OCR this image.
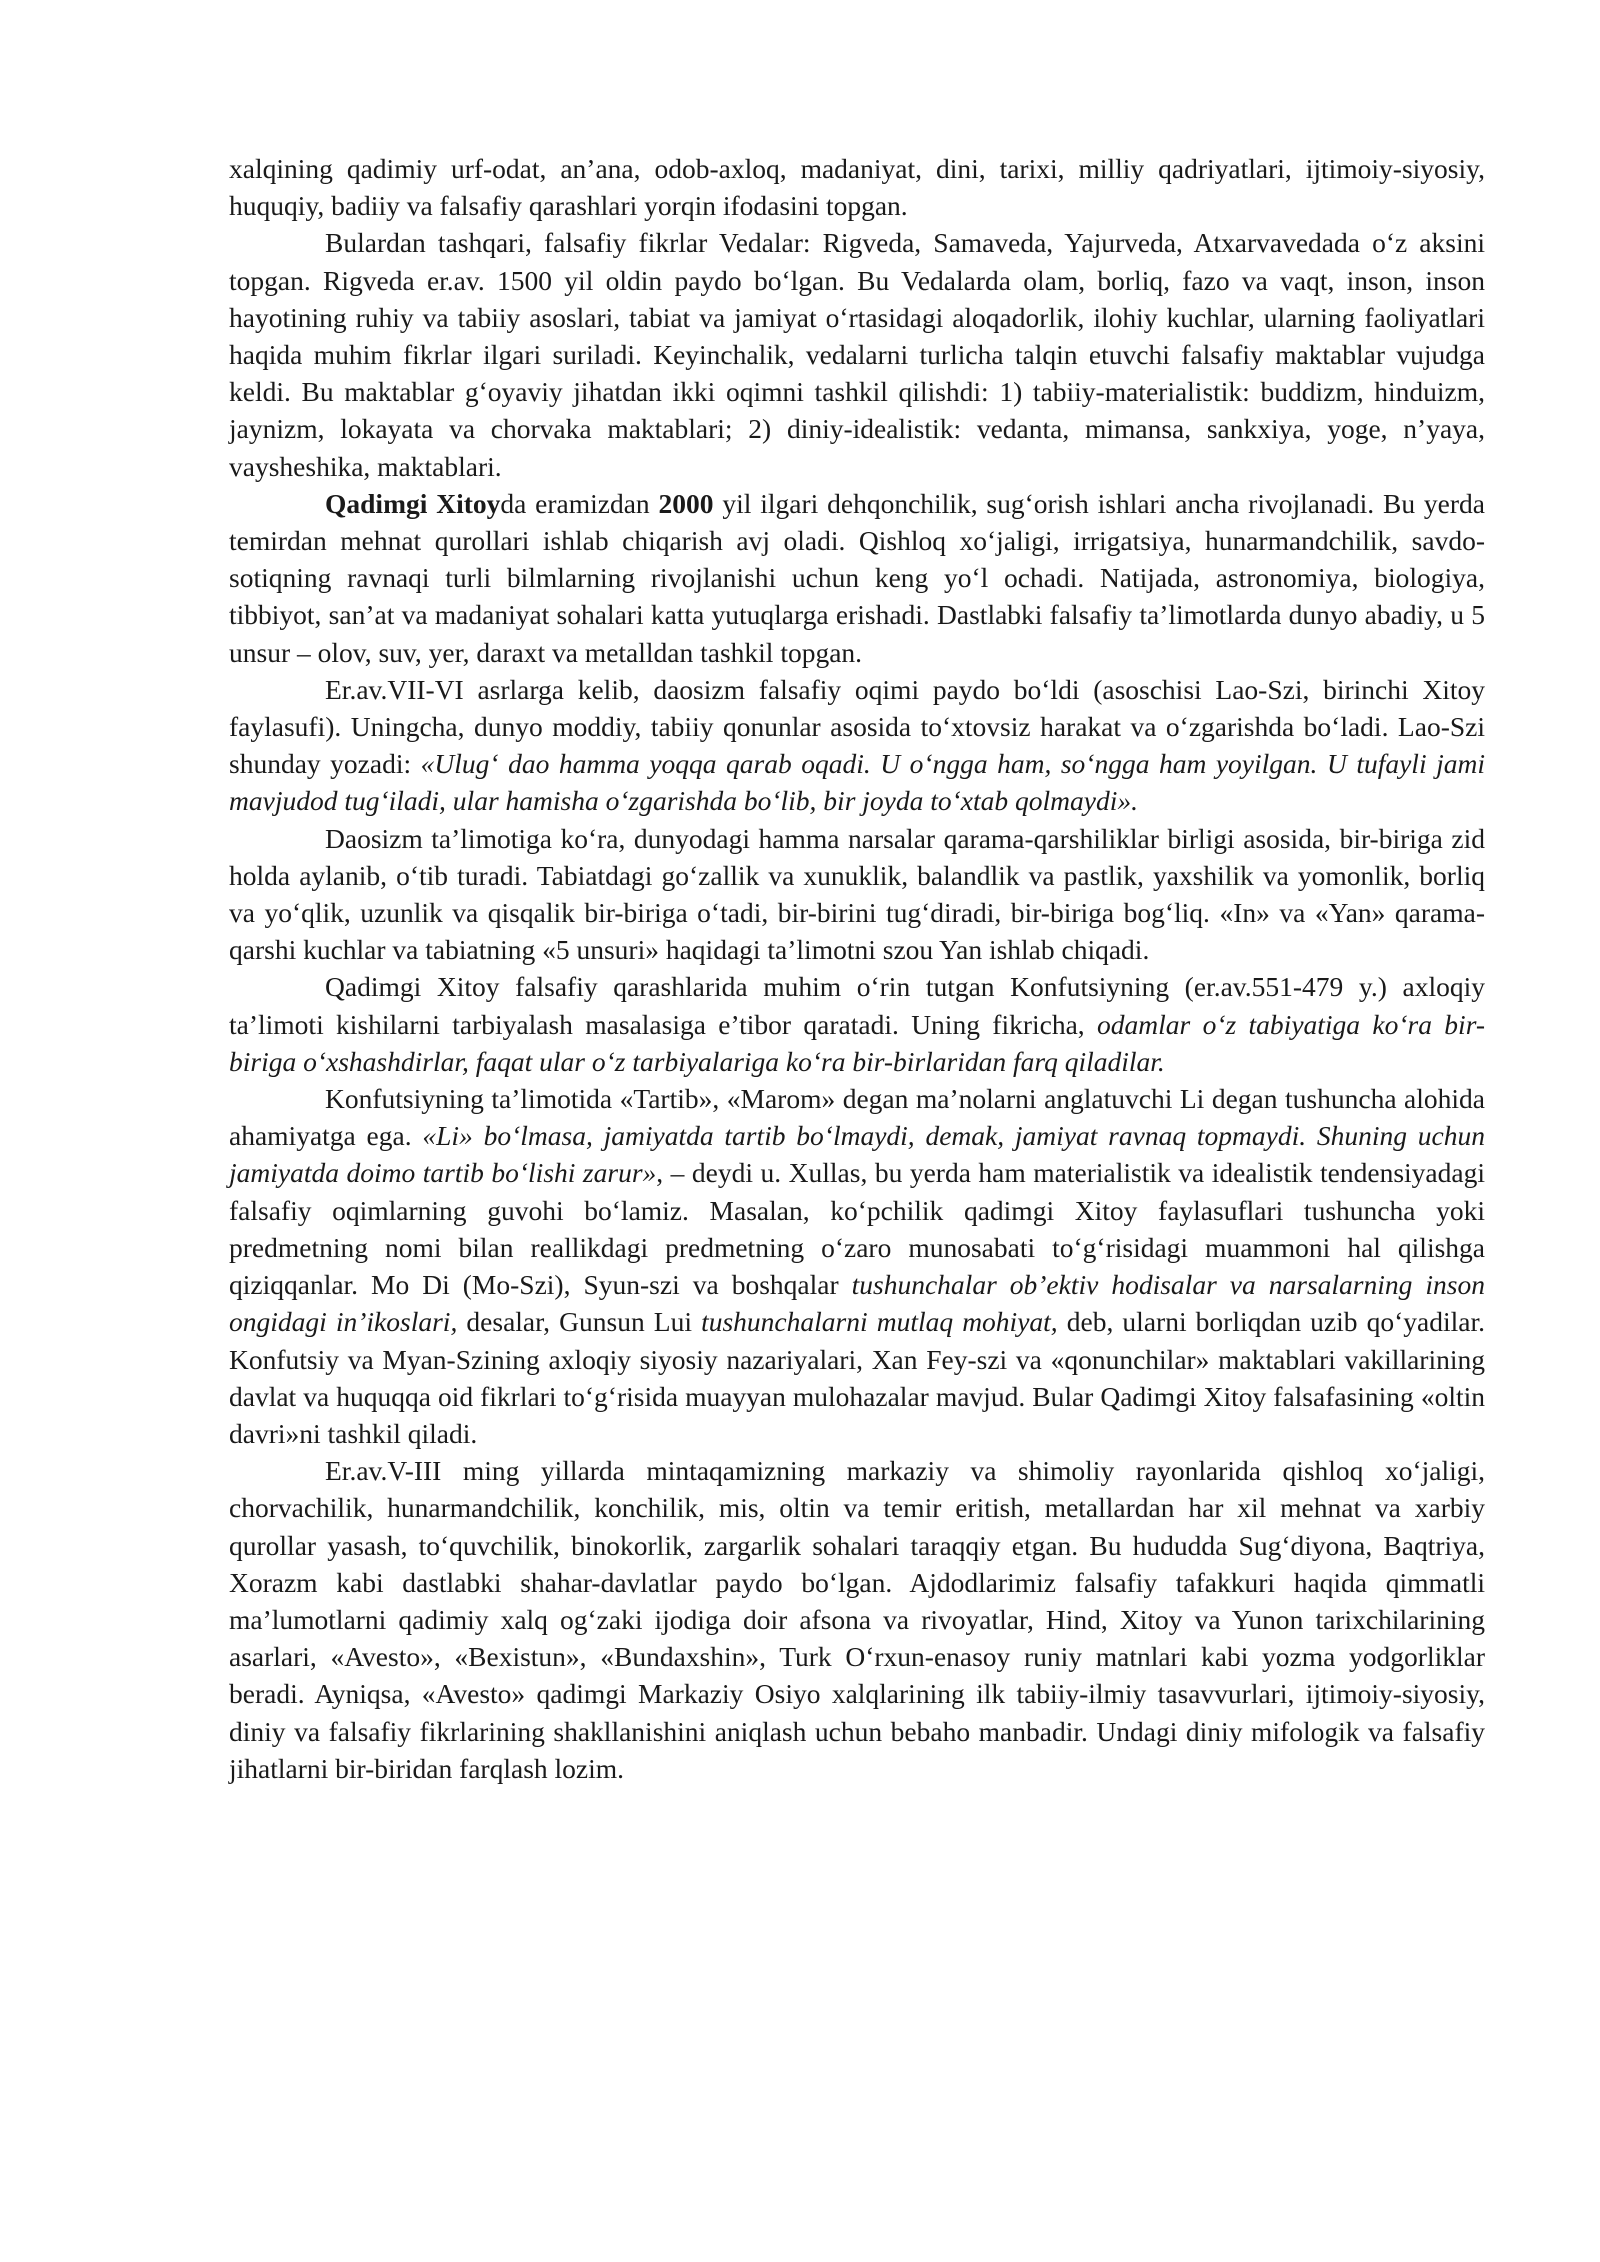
xalqining qadimiy urf-odat, an’ana, odob-axloq, madaniyat, dini, tarixi, milliy qadriyatlari, ijtimoiy-siyosiy, huquqiy, badiiy va falsafiy qarashlari yorqin ifodasini topgan.

Bulardan tashqari, falsafiy fikrlar Vedalar: Rigveda, Samaveda, Yajurveda, Atxarvavedada o‘z aksini topgan. Rigveda er.av. 1500 yil oldin paydo bo‘lgan. Bu Vedalarda olam, borliq, fazo va vaqt, inson, inson hayotining ruhiy va tabiiy asoslari, tabiat va jamiyat o‘rtasidagi aloqadorlik, ilohiy kuchlar, ularning faoliyatlari haqida muhim fikrlar ilgari suriladi. Keyinchalik, vedalarni turlicha talqin etuvchi falsafiy maktablar vujudga keldi. Bu maktablar g‘oyaviy jihatdan ikki oqimni tashkil qilishdi: 1) tabiiy-materialistik: buddizm, hinduizm, jaynizm, lokayata va chorvaka maktablari; 2) diniy-idealistik: vedanta, mimansa, sankxiya, yoge, n’yaya, vaysheshika, maktablari.

Qadimgi Xitoyda eramizdan 2000 yil ilgari dehqonchilik, sug‘orish ishlari ancha rivojlanadi. Bu yerda temirdan mehnat qurollari ishlab chiqarish avj oladi. Qishloq xo‘jaligi, irrigatsiya, hunarmandchilik, savdo-sotiqning ravnaqi turli bilmlarning rivojlanishi uchun keng yo‘l ochadi. Natijada, astronomiya, biologiya, tibbiyot, san’at va madaniyat sohalari katta yutuqlarga erishadi. Dastlabki falsafiy ta’limotlarda dunyo abadiy, u 5 unsur – olov, suv, yer, daraxt va metalldan tashkil topgan.

Er.av.VII-VI asrlarga kelib, daosizm falsafiy oqimi paydo bo‘ldi (asoschisi Lao-Szi, birinchi Xitoy faylasufi). Uningcha, dunyo moddiy, tabiiy qonunlar asosida to‘xtovsiz harakat va o‘zgarishda bo‘ladi. Lao-Szi shunday yozadi: «Ulug‘ dao hamma yoqqa qarab oqadi. U o‘ngga ham, so‘ngga ham yoyilgan. U tufayli jami mavjudod tug‘iladi, ular hamisha o‘zgarishda bo‘lib, bir joyda to‘xtab qolmaydi».

Daosizm ta’limotiga ko‘ra, dunyodagi hamma narsalar qarama-qarshiliklar birligi asosida, bir-biriga zid holda aylanib, o‘tib turadi. Tabiatdagi go‘zallik va xunuklik, balandlik va pastlik, yaxshilik va yomonlik, borliq va yo‘qlik, uzunlik va qisqalik bir-biriga o‘tadi, bir-birini tug‘diradi, bir-biriga bog‘liq. «In» va «Yan» qarama-qarshi kuchlar va tabiatning «5 unsuri» haqidagi ta’limotni szou Yan ishlab chiqadi.

Qadimgi Xitoy falsafiy qarashlarida muhim o‘rin tutgan Konfutsiyning (er.av.551-479 y.) axloqiy ta’limoti kishilarni tarbiyalash masalasiga e’tibor qaratadi. Uning fikricha, odamlar o‘z tabiyatiga ko‘ra bir-biriga o‘xshashdirlar, faqat ular o‘z tarbiyalariga ko‘ra bir-birlaridan farq qiladilar.

Konfutsiyning ta’limotida «Tartib», «Marom» degan ma’nolarni anglatuvchi Li degan tushuncha alohida ahamiyatga ega. «Li» bo‘lmasa, jamiyatda tartib bo‘lmaydi, demak, jamiyat ravnaq topmaydi. Shuning uchun jamiyatda doimo tartib bo‘lishi zarur», – deydi u. Xullas, bu yerda ham materialistik va idealistik tendensiyadagi falsafiy oqimlarning guvohi bo‘lamiz. Masalan, ko‘pchilik qadimgi Xitoy faylasuflari tushuncha yoki predmetning nomi bilan reallikdagi predmetning o‘zaro munosabati to‘g‘risidagi muammoni hal qilishga qiziqqanlar. Mo Di (Mo-Szi), Syun-szi va boshqalar tushunchalar ob’ektiv hodisalar va narsalarning inson ongidagi in’ikoslari, desalar, Gunsun Lui tushunchalarni mutlaq mohiyat, deb, ularni borliqdan uzib qo‘yadilar. Konfutsiy va Myan-Szining axloqiy siyosiy nazariyalari, Xan Fey-szi va «qonunchilar» maktablari vakillarining davlat va huquqqa oid fikrlari to‘g‘risida muayyan mulohazalar mavjud. Bular Qadimgi Xitoy falsafasining «oltin davri»ni tashkil qiladi.

Er.av.V-III ming yillarda mintaqamizning markaziy va shimoliy rayonlarida qishloq xo‘jaligi, chorvachilik, hunarmandchilik, konchilik, mis, oltin va temir eritish, metallardan har xil mehnat va xarbiy qurollar yasash, to‘quvchilik, binokorlik, zargarlik sohalari taraqqiy etgan. Bu hududda Sug‘diyona, Baqtriya, Xorazm kabi dastlabki shahar-davlatlar paydo bo‘lgan. Ajdodlarimiz falsafiy tafakkuri haqida qimmatli ma’lumotlarni qadimiy xalq og‘zaki ijodiga doir afsona va rivoyatlar, Hind, Xitoy va Yunon tarixchilarining asarlari, «Avesto», «Bexistun», «Bundaxshin», Turk O‘rxun-enasoy runiy matnlari kabi yozma yodgorliklar beradi. Ayniqsa, «Avesto» qadimgi Markaziy Osiyo xalqlarining ilk tabiiy-ilmiy tasavvurlari, ijtimoiy-siyosiy, diniy va falsafiy fikrlarining shakllanishini aniqlash uchun bebaho manbadir. Undagi diniy mifologik va falsafiy jihatlarni bir-biridan farqlash lozim.
